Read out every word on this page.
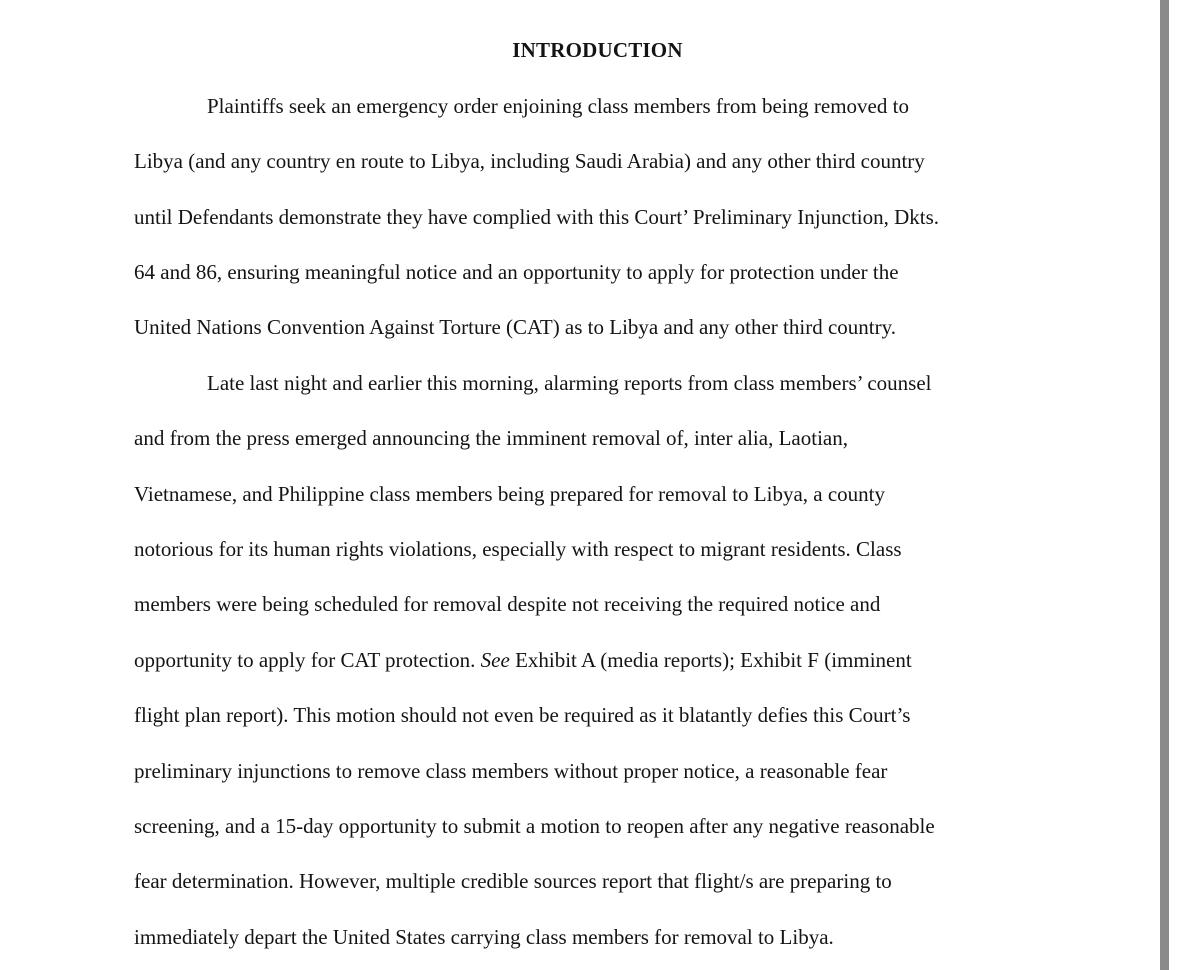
INTRODUCTION
Plaintiffs seek an emergency order enjoining class members from being removed to
Libya (and any country en route to Libya, including Saudi Arabia) and any other third country
until Defendants demonstrate they have complied with this Court’ Preliminary Injunction, Dkts.
64 and 86, ensuring meaningful notice and an opportunity to apply for protection under the
United Nations Convention Against Torture (CAT) as to Libya and any other third country.
Late last night and earlier this morning, alarming reports from class members’ counsel
and from the press emerged announcing the imminent removal of, inter alia, Laotian,
Vietnamese, and Philippine class members being prepared for removal to Libya, a county
notorious for its human rights violations, especially with respect to migrant residents. Class
members were being scheduled for removal despite not receiving the required notice and
opportunity to apply for CAT protection. See Exhibit A (media reports); Exhibit F (imminent
flight plan report). This motion should not even be required as it blatantly defies this Court’s
preliminary injunctions to remove class members without proper notice, a reasonable fear
screening, and a 15-day opportunity to submit a motion to reopen after any negative reasonable
fear determination. However, multiple credible sources report that flight/s are preparing to
immediately depart the United States carrying class members for removal to Libya.
